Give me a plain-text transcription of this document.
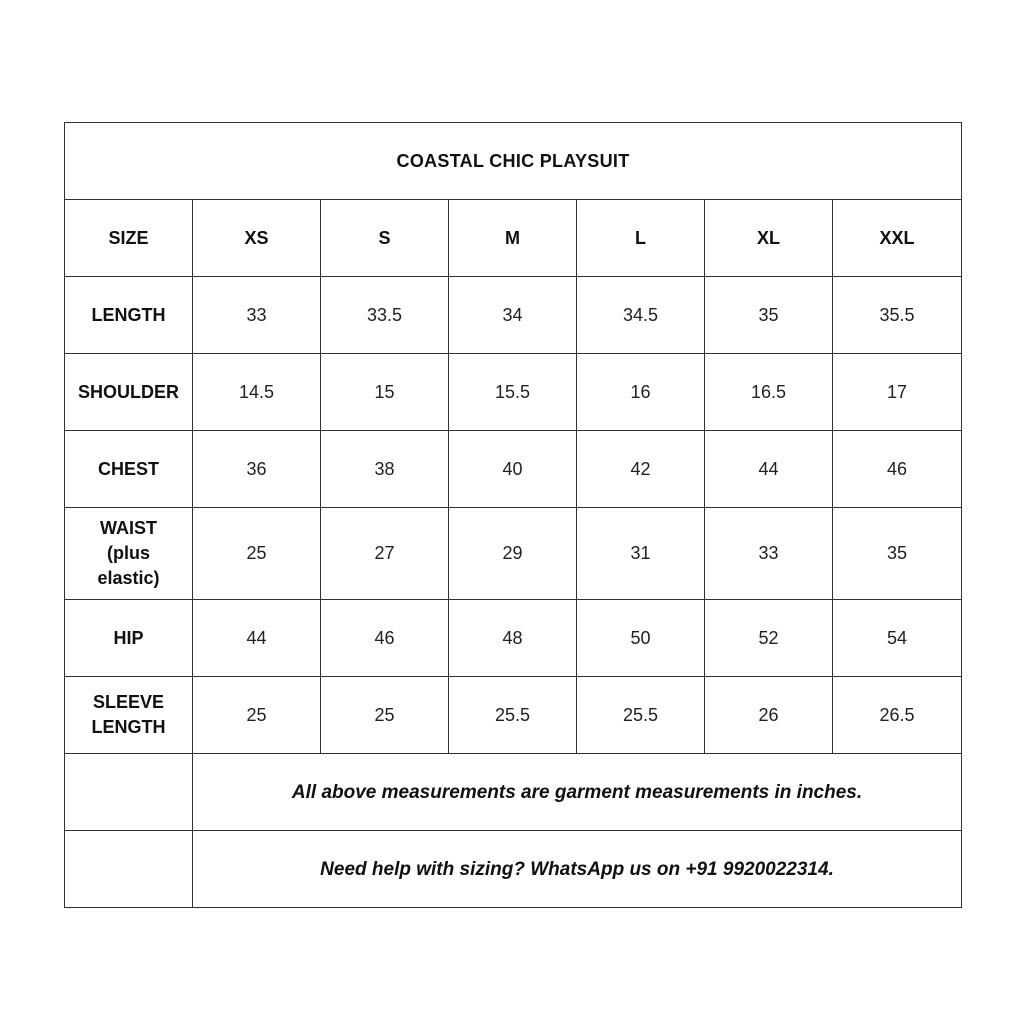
COASTAL CHIC PLAYSUIT						
SIZE	XS	S	M	L	XL	XXL
LENGTH	33	33.5	34	34.5	35	35.5
SHOULDER	14.5	15	15.5	16	16.5	17
CHEST	36	38	40	42	44	46
WAIST
(plus
elastic)	25	27	29	31	33	35
HIP	44	46	48	50	52	54
SLEEVE
LENGTH	25	25	25.5	25.5	26	26.5
	All above measurements are garment measurements in inches.					
	Need help with sizing? WhatsApp us on +91 9920022314.					
